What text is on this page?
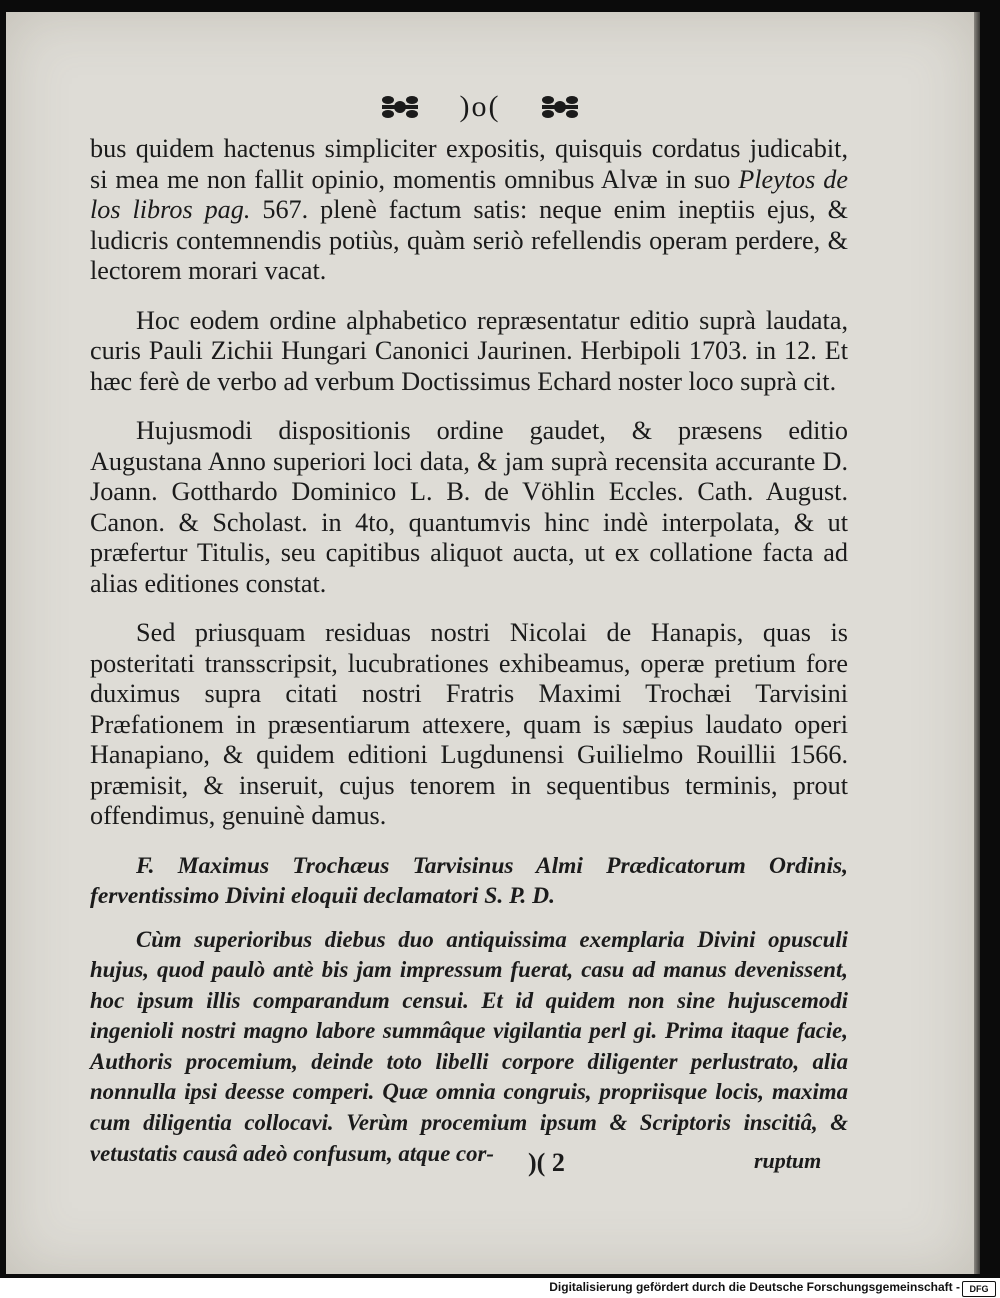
)o(

bus quidem hactenus simpliciter expositis, quisquis cordatus judicabit, si mea me non fallit opinio, momentis omnibus Alvæ in suo Pleytos de los libros pag. 567. plenè factum satis: neque enim ineptiis ejus, & ludicris contemnendis potiùs, quàm seriò refellendis operam perdere, & lectorem morari vacat.

Hoc eodem ordine alphabetico repræsentatur editio suprà laudata, curis Pauli Zichii Hungari Canonici Jaurinen. Herbipoli 1703. in 12. Et hæc ferè de verbo ad verbum Doctissimus Echard noster loco suprà cit.

Hujusmodi dispositionis ordine gaudet, & præsens editio Augustana Anno superiori loci data, & jam suprà recensita accurante D. Joann. Gotthardo Dominico L. B. de Vöhlin Eccles. Cath. August. Canon. & Scholast. in 4to, quantumvis hinc indè interpolata, & ut præfertur Titulis, seu capitibus aliquot aucta, ut ex collatione facta ad alias editiones constat.

Sed priusquam residuas nostri Nicolai de Hanapis, quas is posteritati transscripsit, lucubrationes exhibeamus, operæ pretium fore duximus supra citati nostri Fratris Maximi Trochæi Tarvisini Præfationem in præsentiarum attexere, quam is sæpius laudato operi Hanapiano, & quidem editioni Lugdunensi Guilielmo Rouillii 1566. præmisit, & inseruit, cujus tenorem in sequentibus terminis, prout offendimus, genuinè damus.

F. Maximus Trochæus Tarvisinus Almi Prædicatorum Ordinis, ferventissimo Divini eloquii declamatori S. P. D.

Cùm superioribus diebus duo antiquissima exemplaria Divini opusculi hujus, quod paulò antè bis jam impressum fuerat, casu ad manus devenissent, hoc ipsum illis comparandum censui. Et id quidem non sine hujuscemodi ingenioli nostri magno labore summâque vigilantia perl gi. Prima itaque facie, Authoris procemium, deinde toto libelli corpore diligenter perlustrato, alia nonnulla ipsi deesse comperi. Quæ omnia congruis, propriisque locis, maxima cum diligentia collocavi. Verùm procemium ipsum & Scriptoris inscitiâ, & vetustatis causâ adeò confusum, atque cor-	)( 2	ruptum
Digitalisierung gefördert durch die Deutsche Forschungsgemeinschaft -	DFG
